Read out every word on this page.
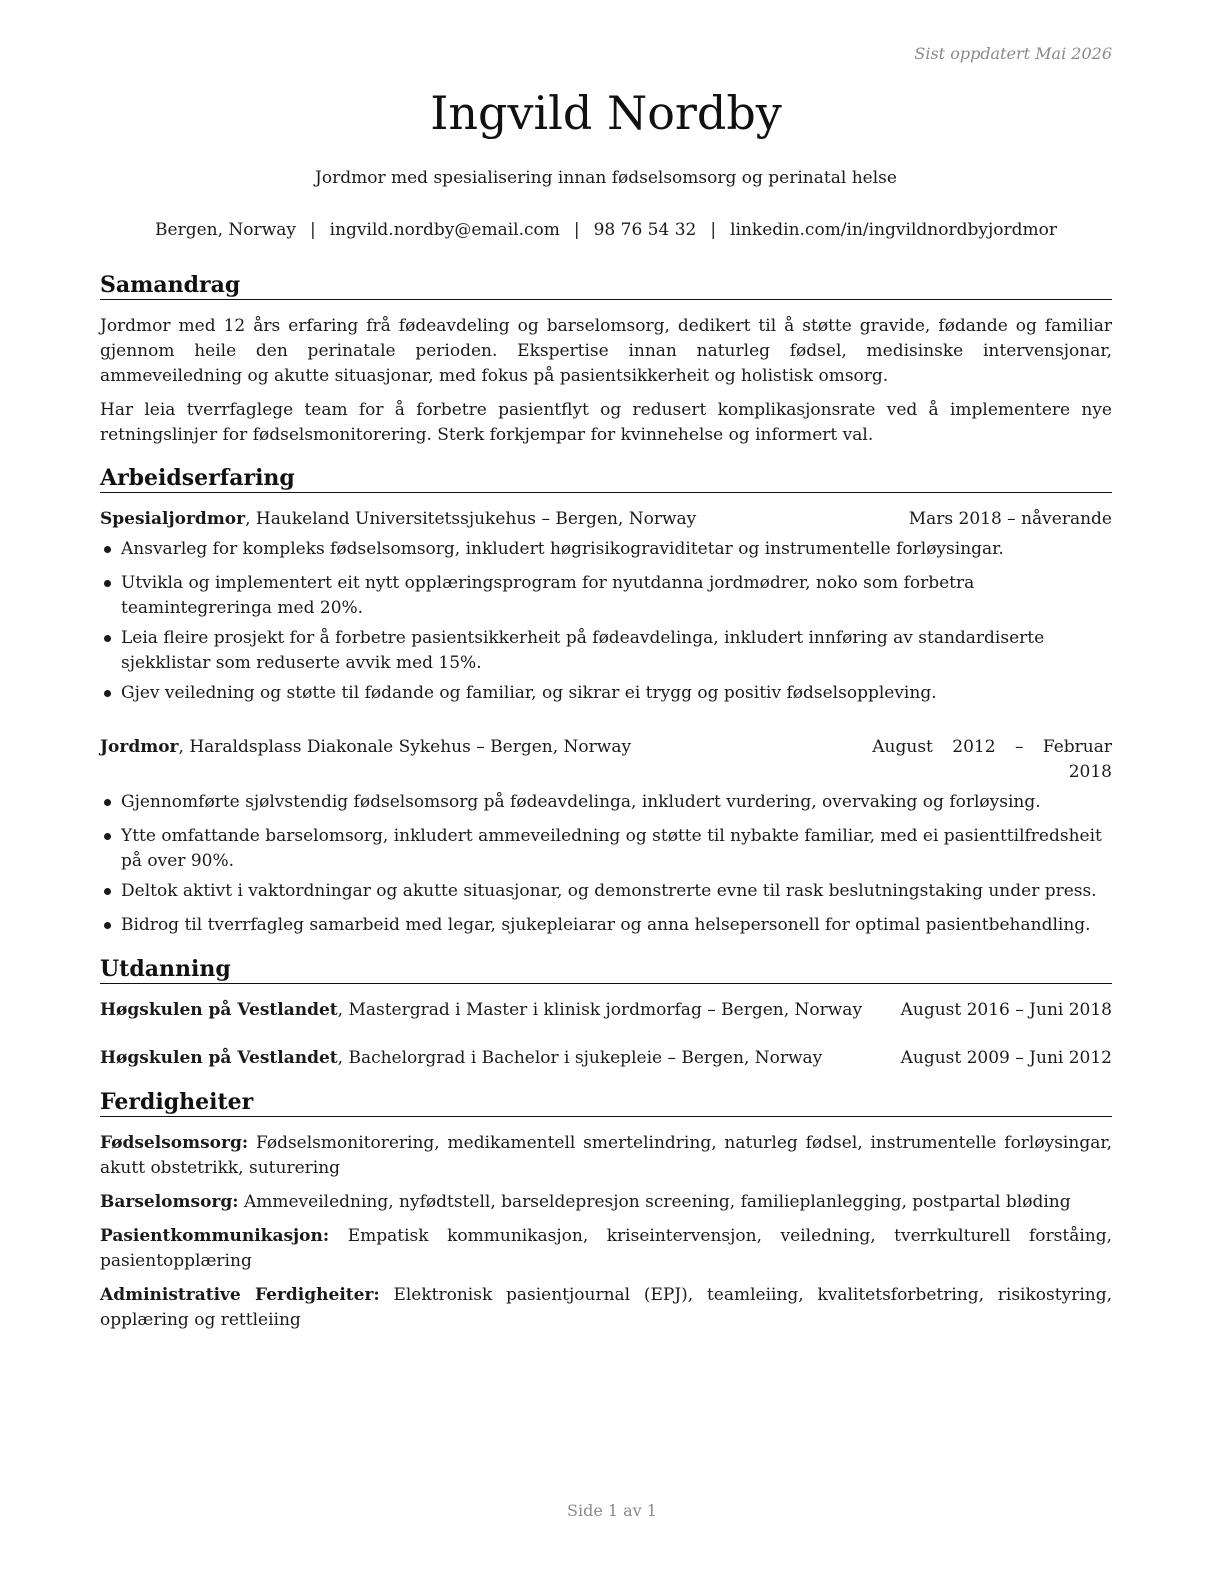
Sist oppdatert Mai 2026
Ingvild Nordby
Jordmor med spesialisering innan fødselsomsorg og perinatal helse
Bergen, Norway | ingvild.nordby@email.com | 98 76 54 32 | linkedin.com/in/ingvildnordbyjordmor
Samandrag

Jordmor med 12 års erfaring frå fødeavdeling og barselomsorg, dedikert til å støtte gravide, fødande og familiar gjennom heile den perinatale perioden. Ekspertise innan naturleg fødsel, medisinske intervensjonar, ammeveiledning og akutte situasjonar, med fokus på pasientsikkerheit og holistisk omsorg.

Har leia tverrfaglege team for å forbetre pasientflyt og redusert komplikasjonsrate ved å implementere nye retningslinjer for fødselsmonitorering. Sterk forkjempar for kvinnehelse og informert val.

Arbeidserfaring
Spesialjordmor, Haukeland Universitetssjukehus – Bergen, Norway	Mars 2018 – nåverande
Ansvarleg for kompleks fødselsomsorg, inkludert høgrisikograviditetar og instrumentelle forløysingar.
Utvikla og implementert eit nytt opplæringsprogram for nyutdanna jordmødrer, noko som forbetra teamintegreringa med 20%.
Leia fleire prosjekt for å forbetre pasientsikkerheit på fødeavdelinga, inkludert innføring av standardiserte sjekklistar som reduserte avvik med 15%.
Gjev veiledning og støtte til fødande og familiar, og sikrar ei trygg og positiv fødselsoppleving.
Jordmor, Haraldsplass Diakonale Sykehus – Bergen, Norway	August 2012 – Februar
2018
Gjennomførte sjølvstendig fødselsomsorg på fødeavdelinga, inkludert vurdering, overvaking og forløysing.
Ytte omfattande barselomsorg, inkludert ammeveiledning og støtte til nybakte familiar, med ei pasienttilfredsheit på over 90%.
Deltok aktivt i vaktordningar og akutte situasjonar, og demonstrerte evne til rask beslutningstaking under press.
Bidrog til tverrfagleg samarbeid med legar, sjukepleiarar og anna helsepersonell for optimal pasientbehandling.
Utdanning
Høgskulen på Vestlandet, Mastergrad i Master i klinisk jordmorfag – Bergen, Norway August 2016 – Juni 2018
Høgskulen på Vestlandet, Bachelorgrad i Bachelor i sjukepleie – Bergen, Norway	August 2009 – Juni 2012
Ferdigheiter

Fødselsomsorg: Fødselsmonitorering, medikamentell smertelindring, naturleg fødsel, instrumentelle forløysingar, akutt obstetrikk, suturering

Barselomsorg: Ammeveiledning, nyfødtstell, barseldepresjon screening, familieplanlegging, postpartal bløding

Pasientkommunikasjon: Empatisk kommunikasjon, kriseintervensjon, veiledning, tverrkulturell forståing, pasientopplæring

Administrative Ferdigheiter: Elektronisk pasientjournal (EPJ), teamleiing, kvalitetsforbetring, risikostyring, opplæring og rettleiing

Side 1 av 1
